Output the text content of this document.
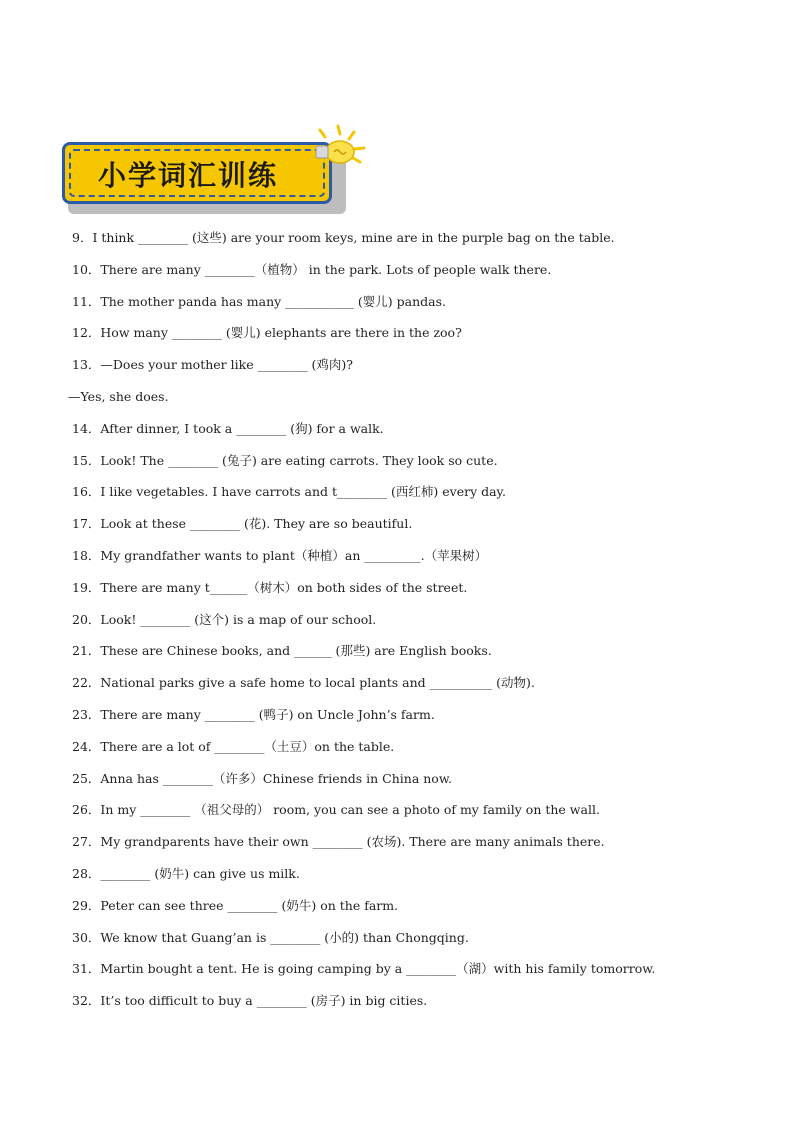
小学词汇训练
9．I think ________ (这些) are your room keys, mine are in the purple bag on the table.
10．There are many ________（植物） in the park. Lots of people walk there.
11．The mother panda has many ___________ (婴儿) pandas.
12．How many ________ (婴儿) elephants are there in the zoo?
13．—Does your mother like ________ (鸡肉)?
—Yes, she does.
14．After dinner, I took a ________ (狗) for a walk.
15．Look! The ________ (兔子) are eating carrots. They look so cute.
16．I like vegetables. I have carrots and t________ (西红柿) every day.
17．Look at these ________ (花). They are so beautiful.
18．My grandfather wants to plant（种植）an _________.（苹果树）
19．There are many t______（树木）on both sides of the street.
20．Look! ________ (这个) is a map of our school.
21．These are Chinese books, and ______ (那些) are English books.
22．National parks give a safe home to local plants and __________ (动物).
23．There are many ________ (鸭子) on Uncle John’s farm.
24．There are a lot of ________（土豆）on the table.
25．Anna has ________（许多）Chinese friends in China now.
26．In my ________ （祖父母的） room, you can see a photo of my family on the wall.
27．My grandparents have their own ________ (农场). There are many animals there.
28．________ (奶牛) can give us milk.
29．Peter can see three ________ (奶牛) on the farm.
30．We know that Guang’an is ________ (小的) than Chongqing.
31．Martin bought a tent. He is going camping by a ________（湖）with his family tomorrow.
32．It’s too difficult to buy a ________ (房子) in big cities.
